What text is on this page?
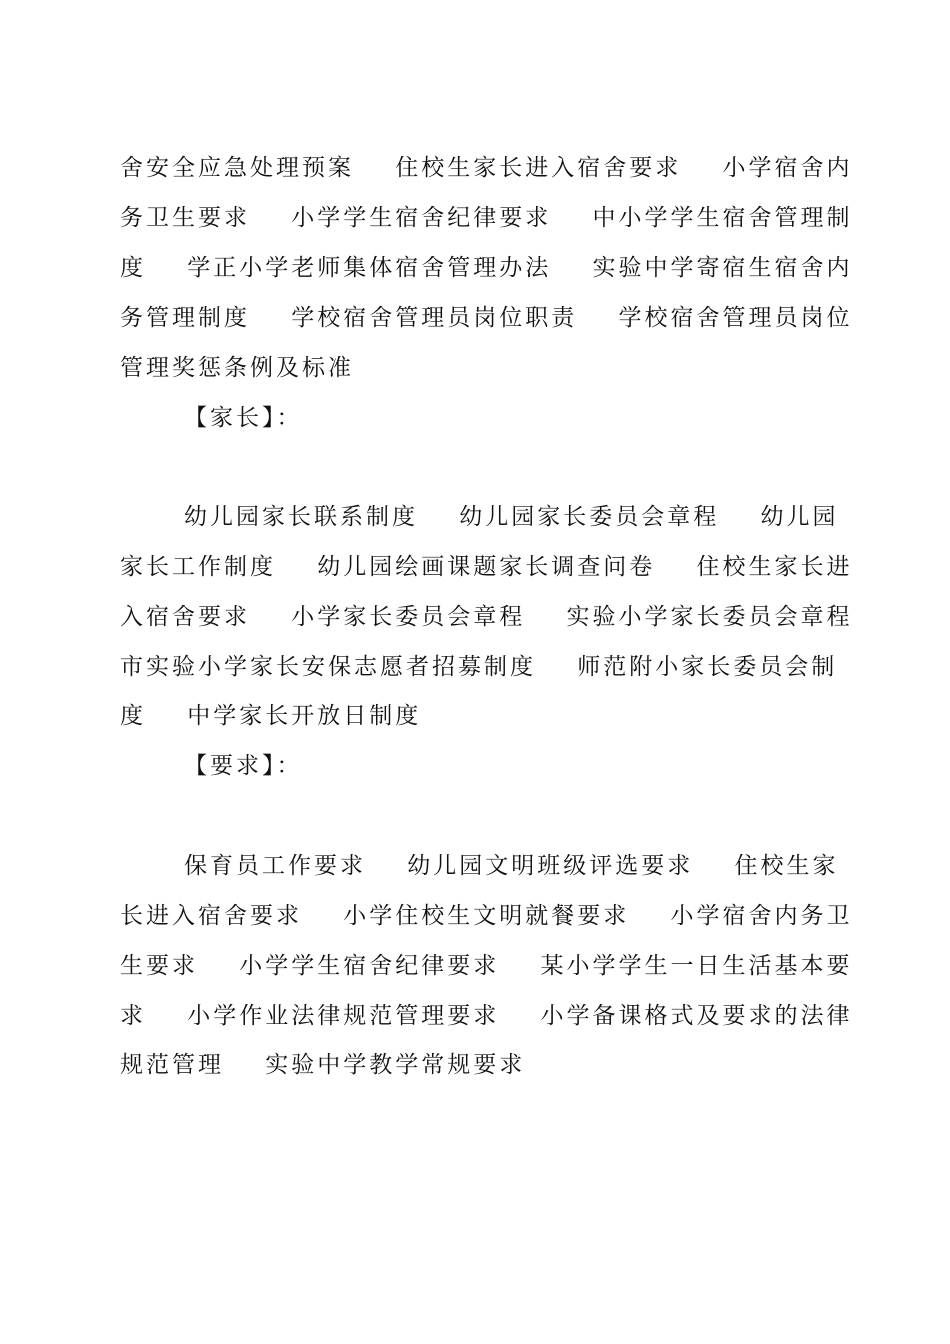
舍安全应急处理预案    住校生家长进入宿舍要求    小学宿舍内
务卫生要求    小学学生宿舍纪律要求    中小学学生宿舍管理制
度    学正小学老师集体宿舍管理办法    实验中学寄宿生宿舍内
务管理制度    学校宿舍管理员岗位职责    学校宿舍管理员岗位
管理奖惩条例及标准
【家长】：
幼儿园家长联系制度    幼儿园家长委员会章程    幼儿园
家长工作制度    幼儿园绘画课题家长调查问卷    住校生家长进
入宿舍要求    小学家长委员会章程    实验小学家长委员会章程
市实验小学家长安保志愿者招募制度    师范附小家长委员会制
度    中学家长开放日制度
【要求】：
保育员工作要求    幼儿园文明班级评选要求    住校生家
长进入宿舍要求    小学住校生文明就餐要求    小学宿舍内务卫
生要求    小学学生宿舍纪律要求    某小学学生一日生活基本要
求    小学作业法律规范管理要求    小学备课格式及要求的法律
规范管理    实验中学教学常规要求
